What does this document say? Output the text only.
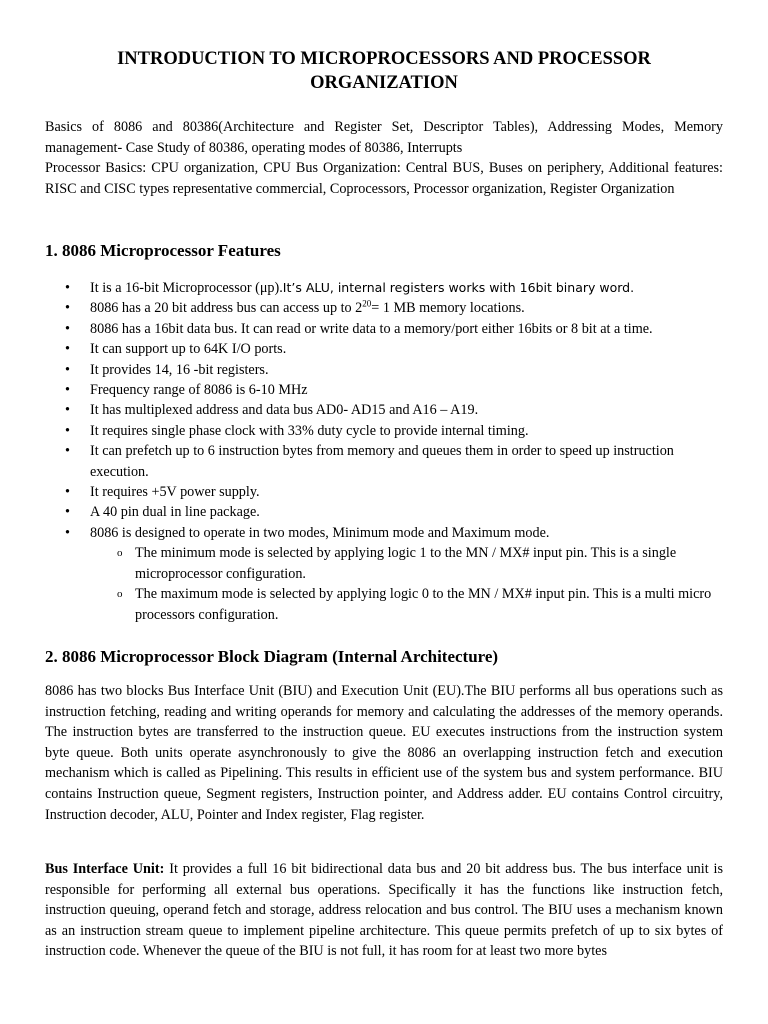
INTRODUCTION TO MICROPROCESSORS AND PROCESSOR ORGANIZATION

Basics of 8086 and 80386(Architecture and Register Set, Descriptor Tables), Addressing Modes, Memory management- Case Study of 80386, operating modes of 80386, Interrupts

Processor Basics: CPU organization, CPU Bus Organization: Central BUS, Buses on periphery, Additional features: RISC and CISC types representative commercial, Coprocessors, Processor organization, Register Organization

1. 8086 Microprocessor Features
• It is a 16-bit Microprocessor (μp).It’s ALU, internal registers works with 16bit binary word.
• 8086 has a 20 bit address bus can access up to $2^{20}= 1$ MB memory locations.
• 8086 has a 16bit data bus. It can read or write data to a memory/port either 16bits or 8 bit at a time.
• It can support up to 64K I/O ports.
• It provides 14, 16 -bit registers.
• Frequency range of 8086 is 6-10 MHz
• It has multiplexed address and data bus AD0- AD15 and A16 – A19.
• It requires single phase clock with 33% duty cycle to provide internal timing.
• It can prefetch up to 6 instruction bytes from memory and queues them in order to speed up instruction execution.
• It requires +5V power supply.
• A 40 pin dual in line package.
• 8086 is designed to operate in two modes, Minimum mode and Maximum mode.
o The minimum mode is selected by applying logic 1 to the MN / MX# input pin. This is a single microprocessor configuration.
o The maximum mode is selected by applying logic 0 to the MN / MX# input pin. This is a multi micro processors configuration.
2. 8086 Microprocessor Block Diagram (Internal Architecture)

8086 has two blocks Bus Interface Unit (BIU) and Execution Unit (EU).The BIU performs all bus operations such as instruction fetching, reading and writing operands for memory and calculating the addresses of the memory operands. The instruction bytes are transferred to the instruction queue. EU executes instructions from the instruction system byte queue. Both units operate asynchronously to give the 8086 an overlapping instruction fetch and execution mechanism which is called as Pipelining. This results in efficient use of the system bus and system performance. BIU contains Instruction queue, Segment registers, Instruction pointer, and Address adder. EU contains Control circuitry, Instruction decoder, ALU, Pointer and Index register, Flag register.

Bus Interface Unit: It provides a full 16 bit bidirectional data bus and 20 bit address bus. The bus interface unit is responsible for performing all external bus operations. Specifically it has the functions like instruction fetch, instruction queuing, operand fetch and storage, address relocation and bus control. The BIU uses a mechanism known as an instruction stream queue to implement pipeline architecture. This queue permits prefetch of up to six bytes of instruction code. Whenever the queue of the BIU is not full, it has room for at least two more bytes
